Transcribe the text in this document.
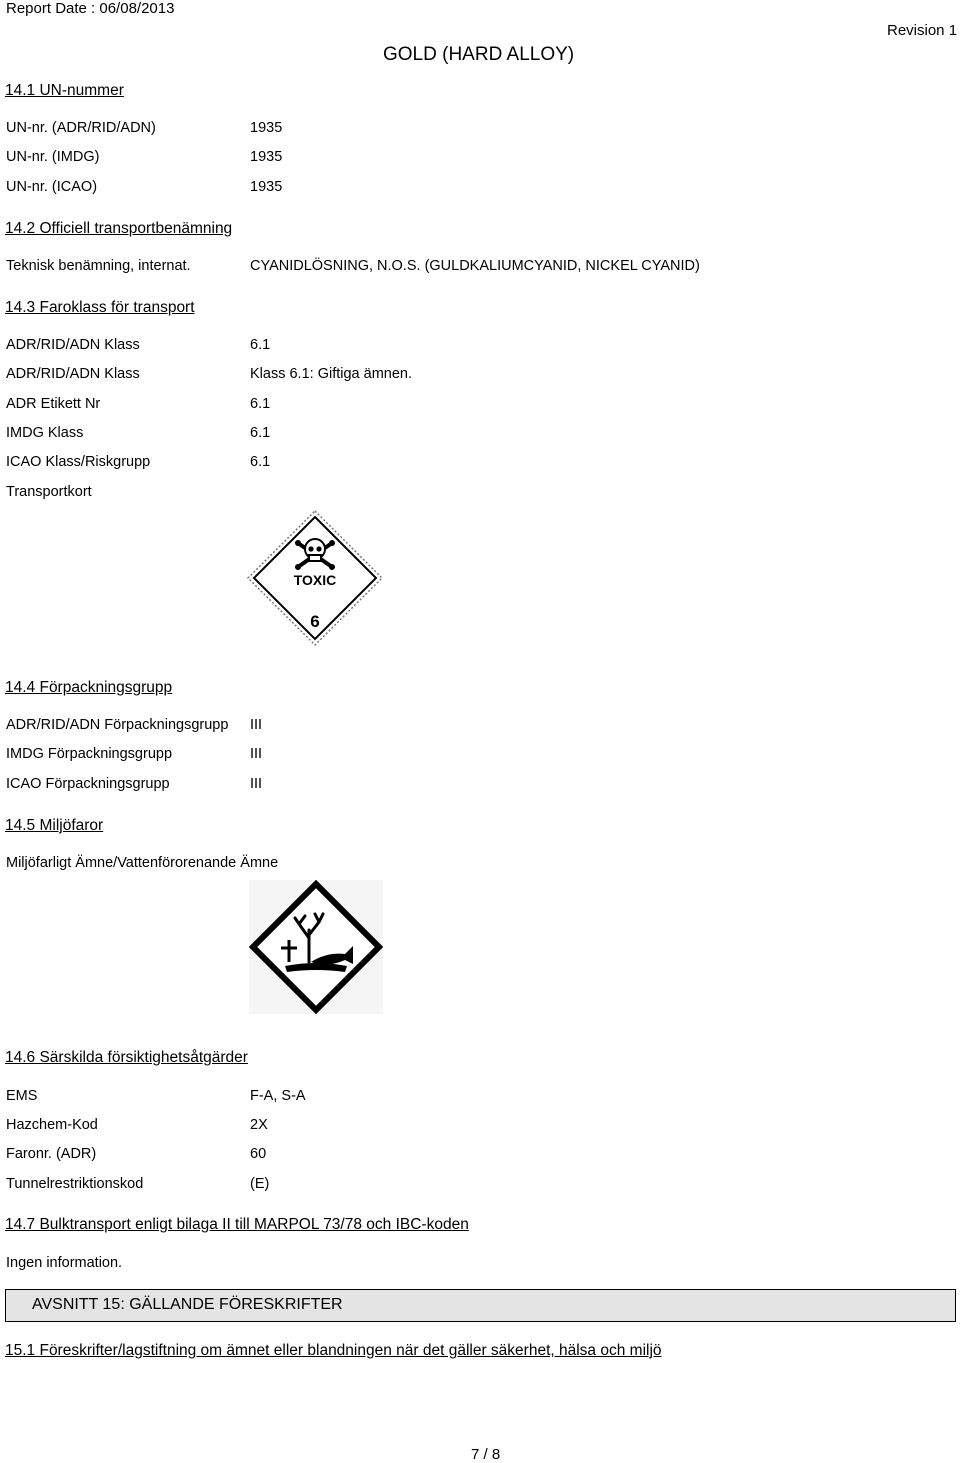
Report Date : 06/08/2013
GOLD (HARD ALLOY)
Revision 1
14.1 UN-nummer
UN-nr. (ADR/RID/ADN)	1935
UN-nr. (IMDG)	1935
UN-nr. (ICAO)	1935
14.2 Officiell transportbenämning
Teknisk benämning, internat.	CYANIDLÖSNING, N.O.S. (GULDKALIUMCYANID, NICKEL CYANID)
14.3 Faroklass för transport
ADR/RID/ADN Klass	6.1
ADR/RID/ADN Klass	Klass 6.1: Giftiga ämnen.
ADR Etikett Nr	6.1
IMDG Klass	6.1
ICAO Klass/Riskgrupp	6.1
Transportkort
TOXIC
6
14.4 Förpackningsgrupp
ADR/RID/ADN Förpackningsgrupp III
IMDG Förpackningsgrupp	III
ICAO Förpackningsgrupp	III
14.5 Miljöfaror
Miljöfarligt Ämne/Vattenförorenande Ämne
14.6 Särskilda försiktighetsåtgärder
EMS	F-A, S-A
Hazchem-Kod	2X
Faronr. (ADR)	60
Tunnelrestriktionskod	(E)
14.7 Bulktransport enligt bilaga II till MARPOL 73/78 och IBC-koden
Ingen information.
AVSNITT 15: GÄLLANDE FÖRESKRIFTER
15.1 Föreskrifter/lagstiftning om ämnet eller blandningen när det gäller säkerhet, hälsa och miljö
7 / 8
